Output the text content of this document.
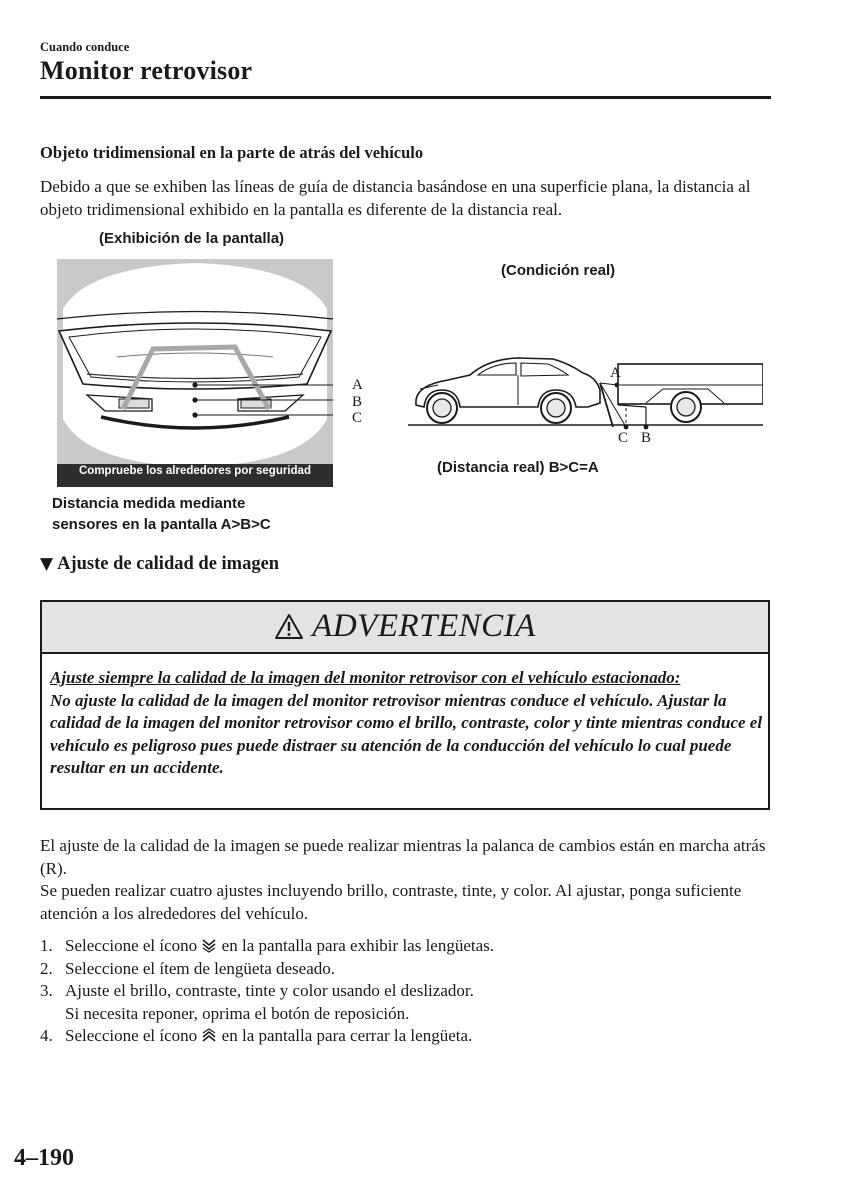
Cuando conduce
Monitor retrovisor
Objeto tridimensional en la parte de atrás del vehículo
Debido a que se exhiben las líneas de guía de distancia basándose en una superficie plana, la distancia al objeto tridimensional exhibido en la pantalla es diferente de la distancia real.
(Exhibición de la pantalla)
Compruebe los alrededores por seguridad
A
B
C
Distancia medida mediante
sensores en la pantalla A>B>C
(Condición real)
A
C B
(Distancia real) B>C=A
▼ Ajuste de calidad de imagen
ADVERTENCIA
Ajuste siempre la calidad de la imagen del monitor retrovisor con el vehículo estacionado:
No ajuste la calidad de la imagen del monitor retrovisor mientras conduce el vehículo. Ajustar la calidad de la imagen del monitor retrovisor como el brillo, contraste, color y tinte mientras conduce el vehículo es peligroso pues puede distraer su atención de la conducción del vehículo lo cual puede resultar en un accidente.
El ajuste de la calidad de la imagen se puede realizar mientras la palanca de cambios están en marcha atrás (R).
Se pueden realizar cuatro ajustes incluyendo brillo, contraste, tinte, y color. Al ajustar, ponga suficiente atención a los alrededores del vehículo.
1. Seleccione el ícono en la pantalla para exhibir las lengüetas.
2. Seleccione el ítem de lengüeta deseado.
3. Ajuste el brillo, contraste, tinte y color usando el deslizador.
Si necesita reponer, oprima el botón de reposición.
4. Seleccione el ícono en la pantalla para cerrar la lengüeta.
4–190
